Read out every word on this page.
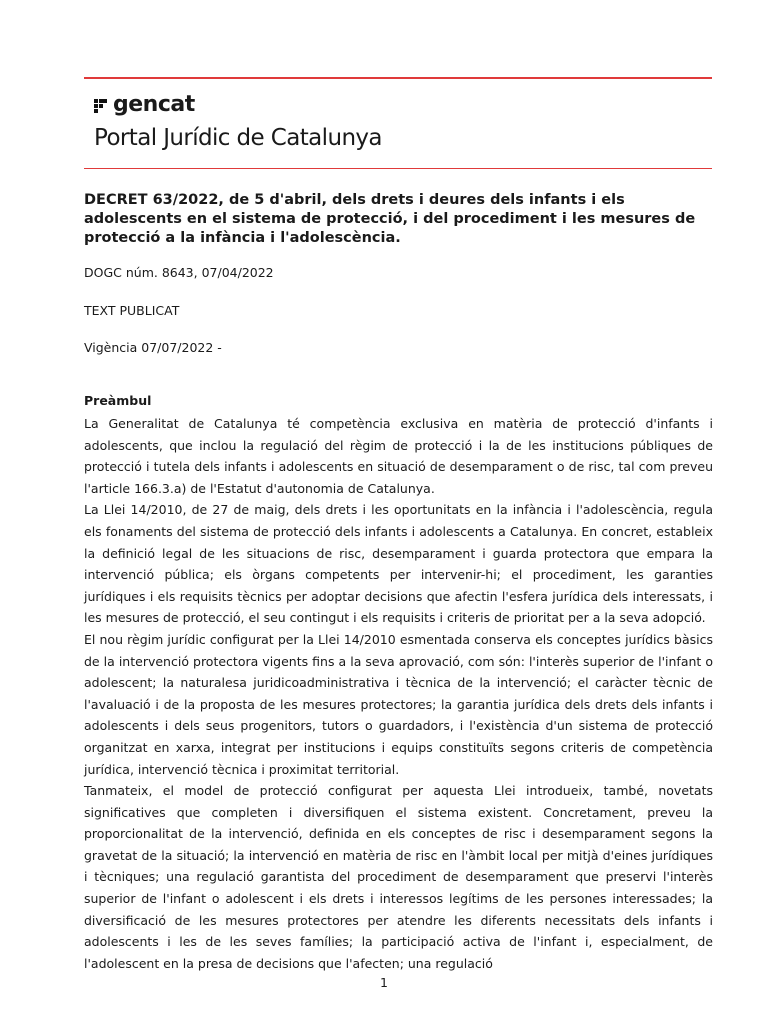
gencat
Portal Jurídic de Catalunya
DECRET 63/2022, de 5 d'abril, dels drets i deures dels infants i els adolescents en el sistema de protecció, i del procediment i les mesures de protecció a la infància i l'adolescència.
DOGC núm. 8643, 07/04/2022
TEXT PUBLICAT
Vigència 07/07/2022 -
Preàmbul

La Generalitat de Catalunya té competència exclusiva en matèria de protecció d'infants i adolescents, que inclou la regulació del règim de protecció i la de les institucions públiques de protecció i tutela dels infants i adolescents en situació de desemparament o de risc, tal com preveu l'article 166.3.a) de l'Estatut d'autonomia de Catalunya.

La Llei 14/2010, de 27 de maig, dels drets i les oportunitats en la infància i l'adolescència, regula els fonaments del sistema de protecció dels infants i adolescents a Catalunya. En concret, estableix la definició legal de les situacions de risc, desemparament i guarda protectora que empara la intervenció pública; els òrgans competents per intervenir-hi; el procediment, les garanties jurídiques i els requisits tècnics per adoptar decisions que afectin l'esfera jurídica dels interessats, i les mesures de protecció, el seu contingut i els requisits i criteris de prioritat per a la seva adopció.

El nou règim jurídic configurat per la Llei 14/2010 esmentada conserva els conceptes jurídics bàsics de la intervenció protectora vigents fins a la seva aprovació, com són: l'interès superior de l'infant o adolescent; la naturalesa juridicoadministrativa i tècnica de la intervenció; el caràcter tècnic de l'avaluació i de la proposta de les mesures protectores; la garantia jurídica dels drets dels infants i adolescents i dels seus progenitors, tutors o guardadors, i l'existència d'un sistema de protecció organitzat en xarxa, integrat per institucions i equips constituïts segons criteris de competència jurídica, intervenció tècnica i proximitat territorial.

Tanmateix, el model de protecció configurat per aquesta Llei introdueix, també, novetats significatives que completen i diversifiquen el sistema existent. Concretament, preveu la proporcionalitat de la intervenció, definida en els conceptes de risc i desemparament segons la gravetat de la situació; la intervenció en matèria de risc en l'àmbit local per mitjà d'eines jurídiques i tècniques; una regulació garantista del procediment de desemparament que preservi l'interès superior de l'infant o adolescent i els drets i interessos legítims de les persones interessades; la diversificació de les mesures protectores per atendre les diferents necessitats dels infants i adolescents i les de les seves famílies; la participació activa de l'infant i, especialment, de l'adolescent en la presa de decisions que l'afecten; una regulació

1
